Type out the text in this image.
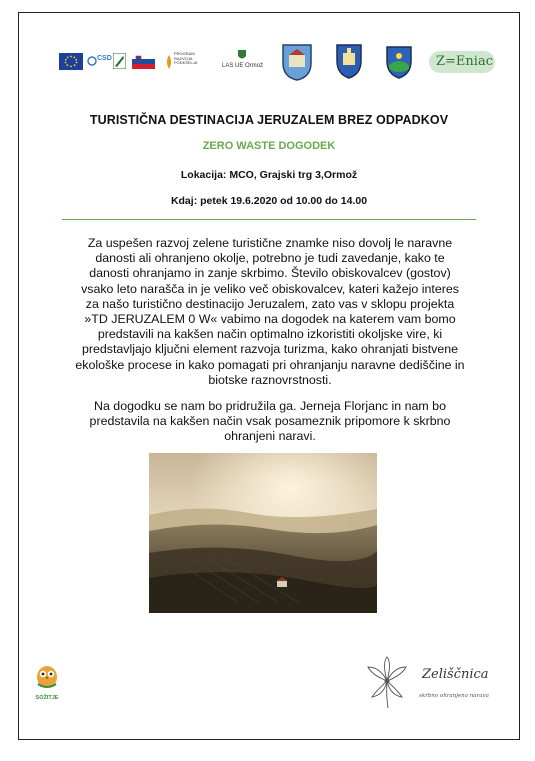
CSD
PROGRAM RAZVOJA PODEŽELJA
LAS UE Ormož	Z=Eniac
TURISTIČNA DESTINACIJA JERUZALEM BREZ ODPADKOV
ZERO WASTE DOGODEK
Lokacija: MCO, Grajski trg 3,Ormož
Kdaj: petek 19.6.2020 od 10.00 do 14.00
Za uspešen razvoj zelene turistične znamke niso dovolj le naravne danosti ali ohranjeno okolje, potrebno je tudi zavedanje, kako te danosti ohranjamo in zanje skrbimo. Število obiskovalcev (gostov) vsako leto narašča in je veliko več obiskovalcev, kateri kažejo interes za našo turistično destinacijo Jeruzalem, zato vas v sklopu projekta »TD JERUZALEM 0 W« vabimo na dogodek na katerem vam bomo predstavili na kakšen način optimalno izkoristiti okoljske vire, ki predstavljajo ključni element razvoja turizma, kako ohranjati bistvene ekološke procese in kako pomagati pri ohranjanju naravne dediščine in biotske raznovrstnosti.
Na dogodku se nam bo pridružila ga. Jerneja Florjanc in nam bo predstavila na kakšen način vsak posameznik pripomore k skrbno ohranjeni naravi.
SOŽITJE
Zeliščnica
skrbno ohranjena narava
